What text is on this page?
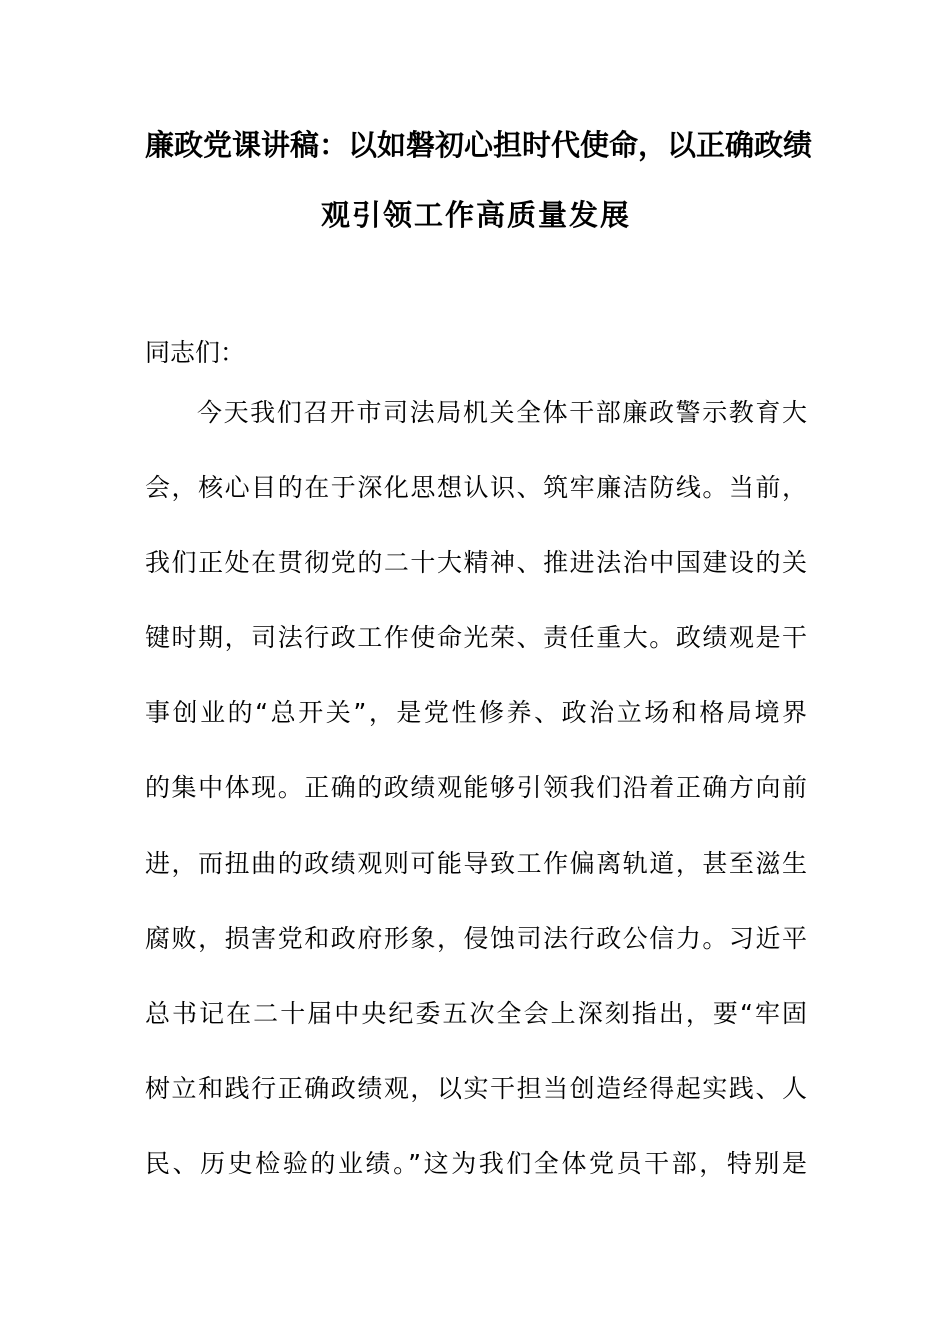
廉政党课讲稿：以如磐初心担时代使命，以正确政绩
观引领工作高质量发展
同志们：
今天我们召开市司法局机关全体干部廉政警示教育大
会，核心目的在于深化思想认识、筑牢廉洁防线。当前，
我们正处在贯彻党的二十大精神、推进法治中国建设的关
键时期，司法行政工作使命光荣、责任重大。政绩观是干
事创业的“总开关”，是党性修养、政治立场和格局境界
的集中体现。正确的政绩观能够引领我们沿着正确方向前
进，而扭曲的政绩观则可能导致工作偏离轨道，甚至滋生
腐败，损害党和政府形象，侵蚀司法行政公信力。习近平
总书记在二十届中央纪委五次全会上深刻指出，要“牢固
树立和践行正确政绩观，以实干担当创造经得起实践、人
民、历史检验的业绩。”这为我们全体党员干部，特别是
